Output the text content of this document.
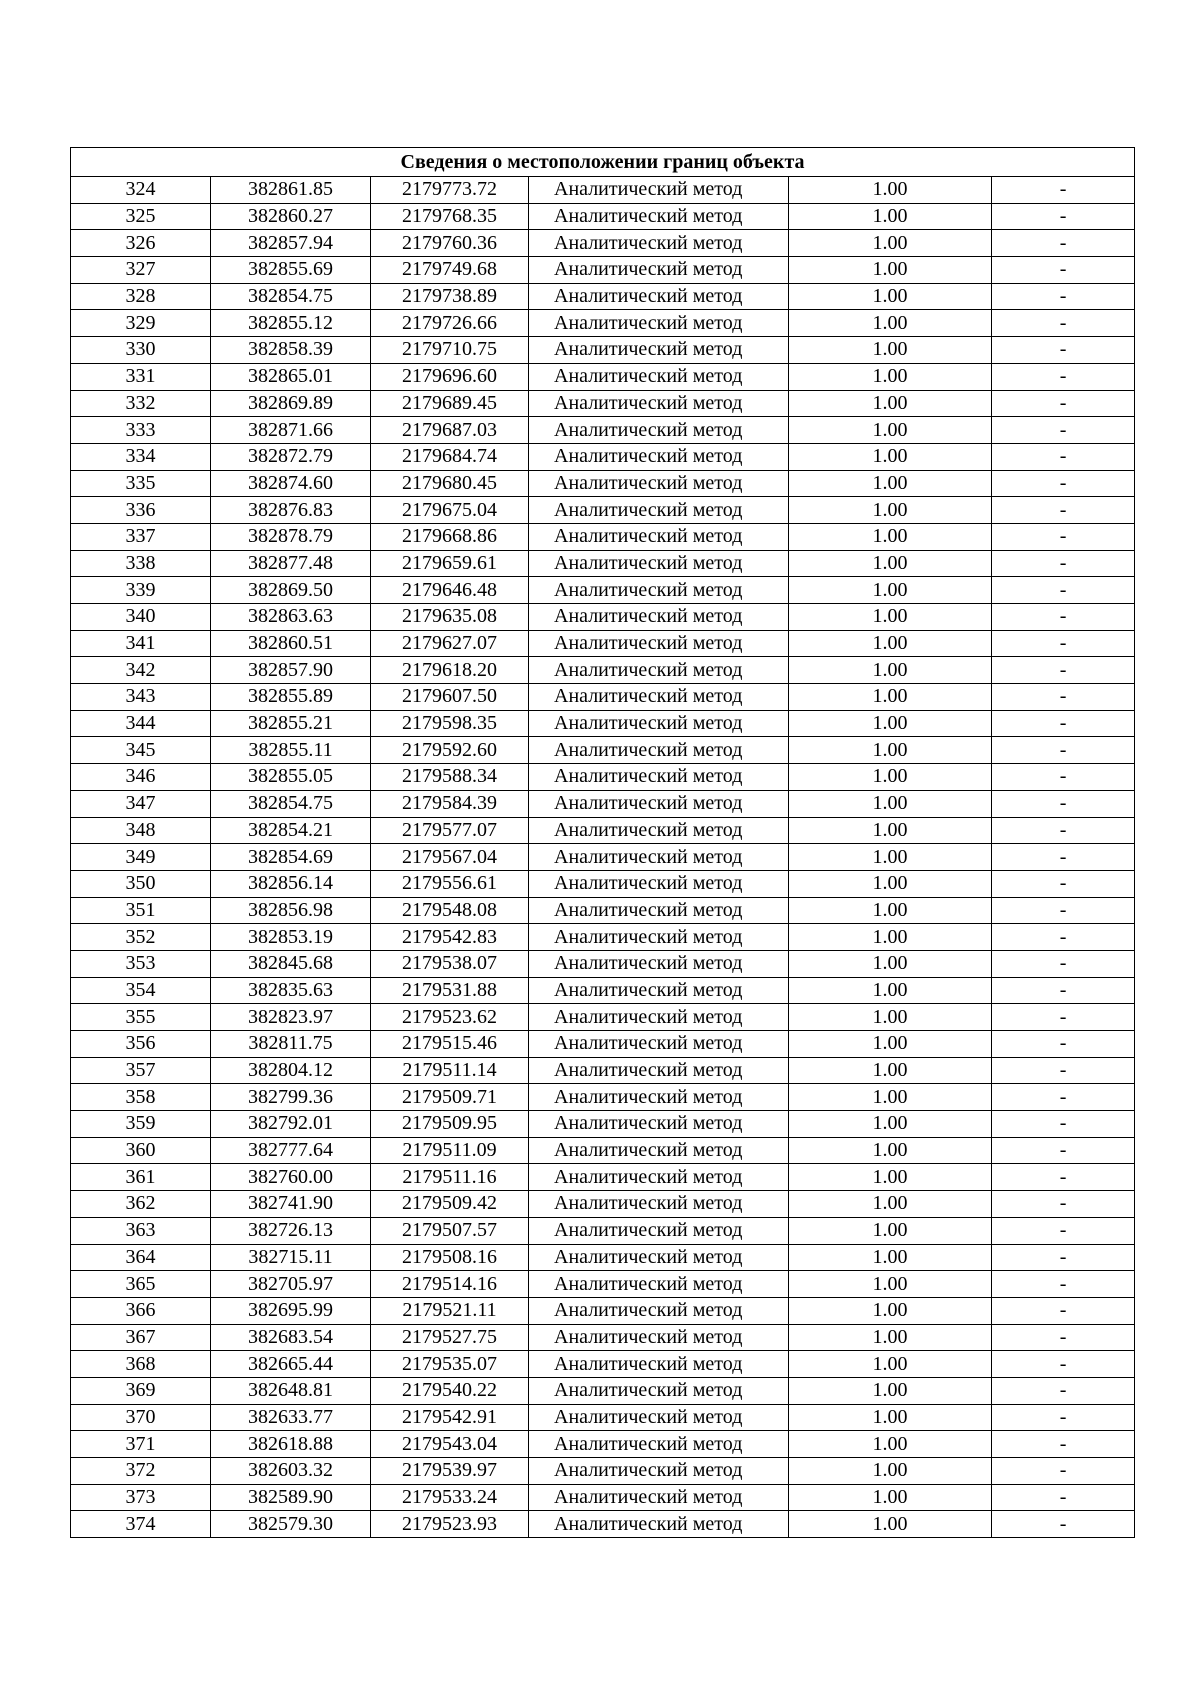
Сведения о местоположении границ объекта					
324	382861.85	2179773.72	Аналитический метод	1.00	-
325	382860.27	2179768.35	Аналитический метод	1.00	-
326	382857.94	2179760.36	Аналитический метод	1.00	-
327	382855.69	2179749.68	Аналитический метод	1.00	-
328	382854.75	2179738.89	Аналитический метод	1.00	-
329	382855.12	2179726.66	Аналитический метод	1.00	-
330	382858.39	2179710.75	Аналитический метод	1.00	-
331	382865.01	2179696.60	Аналитический метод	1.00	-
332	382869.89	2179689.45	Аналитический метод	1.00	-
333	382871.66	2179687.03	Аналитический метод	1.00	-
334	382872.79	2179684.74	Аналитический метод	1.00	-
335	382874.60	2179680.45	Аналитический метод	1.00	-
336	382876.83	2179675.04	Аналитический метод	1.00	-
337	382878.79	2179668.86	Аналитический метод	1.00	-
338	382877.48	2179659.61	Аналитический метод	1.00	-
339	382869.50	2179646.48	Аналитический метод	1.00	-
340	382863.63	2179635.08	Аналитический метод	1.00	-
341	382860.51	2179627.07	Аналитический метод	1.00	-
342	382857.90	2179618.20	Аналитический метод	1.00	-
343	382855.89	2179607.50	Аналитический метод	1.00	-
344	382855.21	2179598.35	Аналитический метод	1.00	-
345	382855.11	2179592.60	Аналитический метод	1.00	-
346	382855.05	2179588.34	Аналитический метод	1.00	-
347	382854.75	2179584.39	Аналитический метод	1.00	-
348	382854.21	2179577.07	Аналитический метод	1.00	-
349	382854.69	2179567.04	Аналитический метод	1.00	-
350	382856.14	2179556.61	Аналитический метод	1.00	-
351	382856.98	2179548.08	Аналитический метод	1.00	-
352	382853.19	2179542.83	Аналитический метод	1.00	-
353	382845.68	2179538.07	Аналитический метод	1.00	-
354	382835.63	2179531.88	Аналитический метод	1.00	-
355	382823.97	2179523.62	Аналитический метод	1.00	-
356	382811.75	2179515.46	Аналитический метод	1.00	-
357	382804.12	2179511.14	Аналитический метод	1.00	-
358	382799.36	2179509.71	Аналитический метод	1.00	-
359	382792.01	2179509.95	Аналитический метод	1.00	-
360	382777.64	2179511.09	Аналитический метод	1.00	-
361	382760.00	2179511.16	Аналитический метод	1.00	-
362	382741.90	2179509.42	Аналитический метод	1.00	-
363	382726.13	2179507.57	Аналитический метод	1.00	-
364	382715.11	2179508.16	Аналитический метод	1.00	-
365	382705.97	2179514.16	Аналитический метод	1.00	-
366	382695.99	2179521.11	Аналитический метод	1.00	-
367	382683.54	2179527.75	Аналитический метод	1.00	-
368	382665.44	2179535.07	Аналитический метод	1.00	-
369	382648.81	2179540.22	Аналитический метод	1.00	-
370	382633.77	2179542.91	Аналитический метод	1.00	-
371	382618.88	2179543.04	Аналитический метод	1.00	-
372	382603.32	2179539.97	Аналитический метод	1.00	-
373	382589.90	2179533.24	Аналитический метод	1.00	-
374	382579.30	2179523.93	Аналитический метод	1.00	-
